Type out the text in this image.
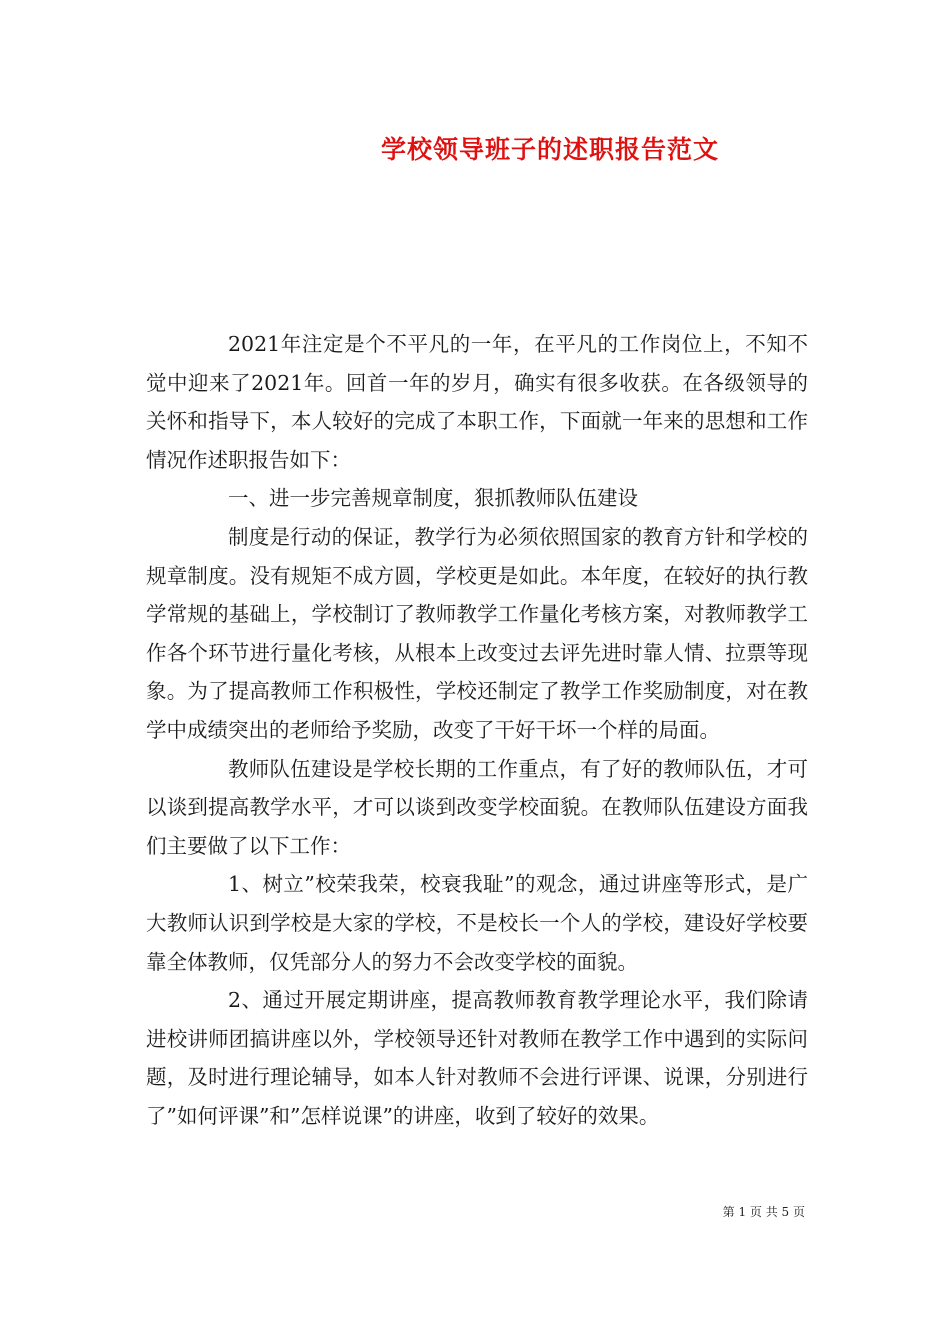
学校领导班子的述职报告范文

2021年注定是个不平凡的一年，在平凡的工作岗位上，不知不觉中迎来了2021年。回首一年的岁月，确实有很多收获。在各级领导的关怀和指导下，本人较好的完成了本职工作，下面就一年来的思想和工作情况作述职报告如下：

一、进一步完善规章制度，狠抓教师队伍建设

制度是行动的保证，教学行为必须依照国家的教育方针和学校的规章制度。没有规矩不成方圆，学校更是如此。本年度，在较好的执行教学常规的基础上，学校制订了教师教学工作量化考核方案，对教师教学工作各个环节进行量化考核，从根本上改变过去评先进时靠人情、拉票等现象。为了提高教师工作积极性，学校还制定了教学工作奖励制度，对在教学中成绩突出的老师给予奖励，改变了干好干坏一个样的局面。

教师队伍建设是学校长期的工作重点，有了好的教师队伍，才可以谈到提高教学水平，才可以谈到改变学校面貌。在教师队伍建设方面我们主要做了以下工作：

1、树立”校荣我荣，校衰我耻”的观念，通过讲座等形式，是广大教师认识到学校是大家的学校，不是校长一个人的学校，建设好学校要靠全体教师，仅凭部分人的努力不会改变学校的面貌。

2、通过开展定期讲座，提高教师教育教学理论水平，我们除请进校讲师团搞讲座以外，学校领导还针对教师在教学工作中遇到的实际问题，及时进行理论辅导，如本人针对教师不会进行评课、说课，分别进行了”如何评课”和”怎样说课”的讲座，收到了较好的效果。

第 1 页 共 5 页
